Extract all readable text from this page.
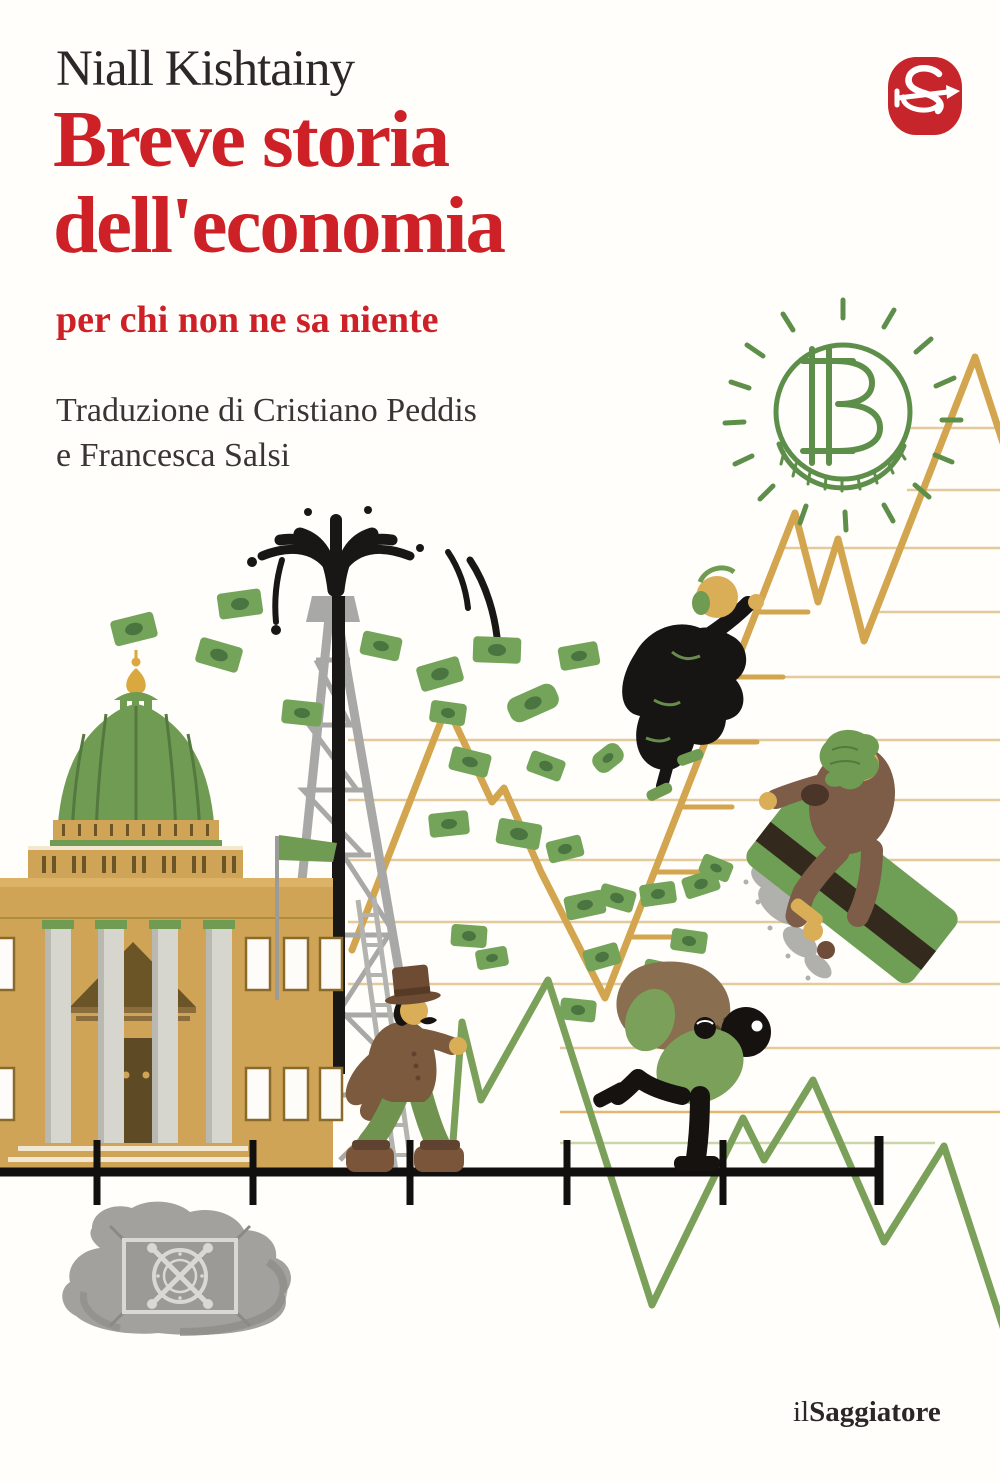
Niall Kishtainy
Breve storia
dell'economia
per chi non ne sa niente
Traduzione di Cristiano Peddis
e Francesca Salsi
ilSaggiatore
